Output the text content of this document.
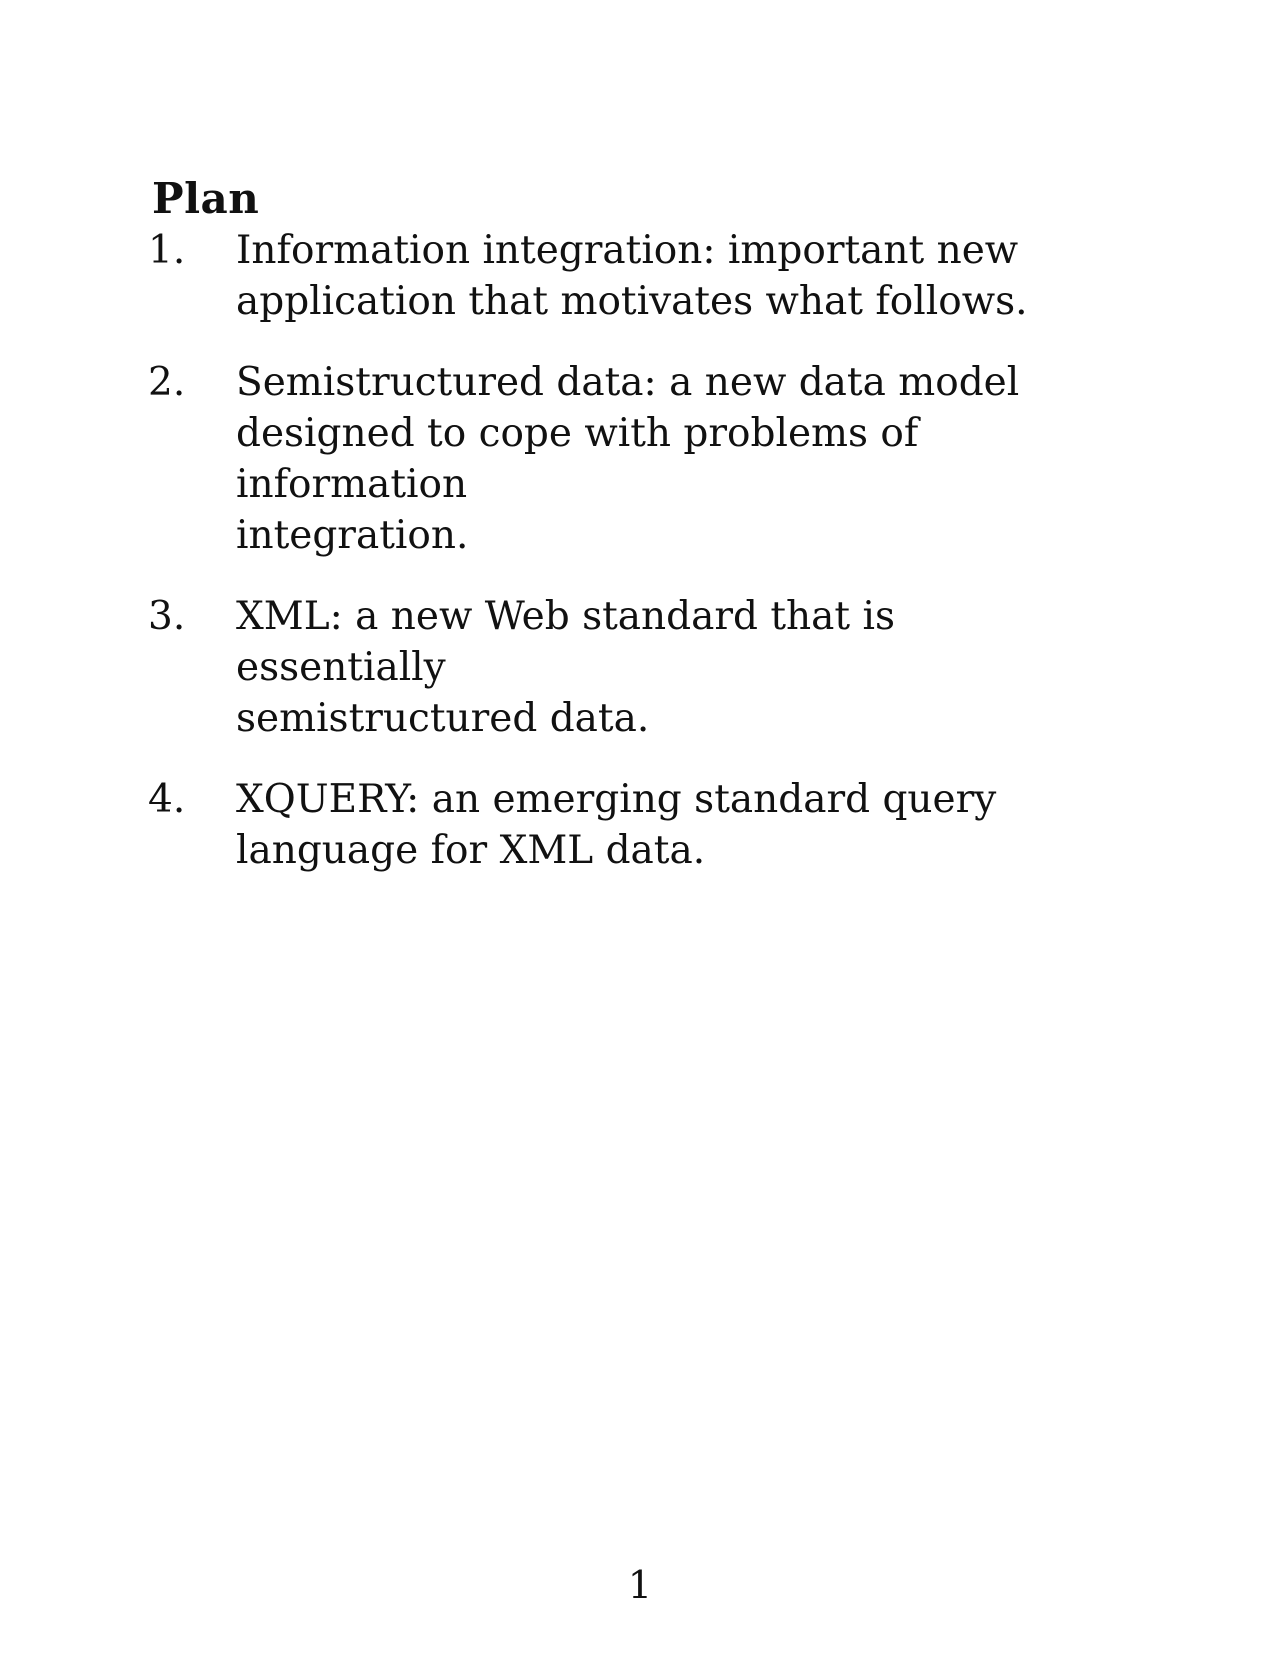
Plan
1.	Information integration: important new
application that motivates what follows.
2.	Semistructured data: a new data model
designed to cope with problems of information
integration.
3.	XML: a new Web standard that is essentially
semistructured data.
4.	XQUERY: an emerging standard query
language for XML data.
1
